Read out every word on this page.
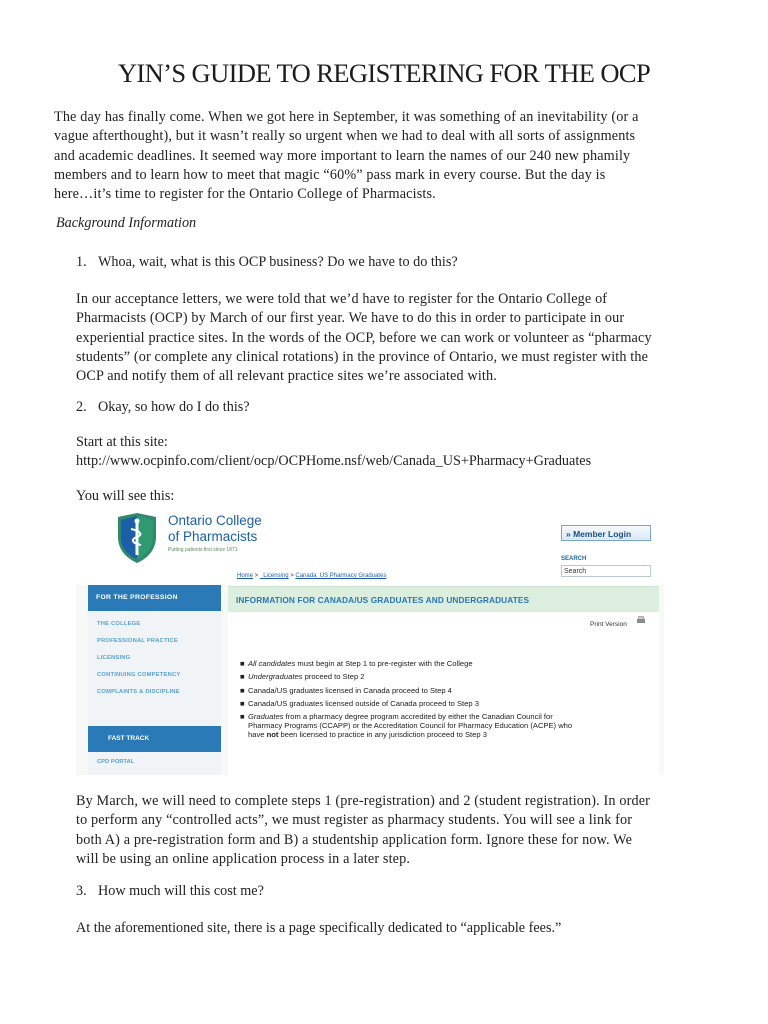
YIN’S GUIDE TO REGISTERING FOR THE OCP
The day has finally come. When we got here in September, it was something of an inevitability (or a
vague afterthought), but it wasn’t really so urgent when we had to deal with all sorts of assignments
and academic deadlines. It seemed way more important to learn the names of our 240 new phamily
members and to learn how to meet that magic “60%” pass mark in every course. But the day is
here…it’s time to register for the Ontario College of Pharmacists.

Background Information

1. Whoa, wait, what is this OCP business? Do we have to do this?

In our acceptance letters, we were told that we’d have to register for the Ontario College of
Pharmacists (OCP) by March of our first year. We have to do this in order to participate in our
experiential practice sites. In the words of the OCP, before we can work or volunteer as “pharmacy
students” (or complete any clinical rotations) in the province of Ontario, we must register with the
OCP and notify them of all relevant practice sites we’re associated with.

2. Okay, so how do I do this?

Start at this site:

http://www.ocpinfo.com/client/ocp/OCPHome.nsf/web/Canada_US+Pharmacy+Graduates

You will see this:

Ontario College

of Pharmacists

Putting patients first since 1871

» Member Login

SEARCH

Search

Home > _Licensing > Canada_US Pharmacy Graduates

FOR THE PROFESSION

THE COLLEGE

PROFESSIONAL PRACTICE

LICENSING

CONTINUING COMPETENCY

COMPLAINTS & DISCIPLINE

FAST TRACK

CPD PORTAL

INFORMATION FOR CANADA/US GRADUATES AND UNDERGRADUATES

Print Version

■ All candidates must begin at Step 1 to pre-register with the College

■ Undergraduates proceed to Step 2

■ Canada/US graduates licensed in Canada proceed to Step 4

■ Canada/US graduates licensed outside of Canada proceed to Step 3

■ Graduates from a pharmacy degree program accredited by either the Canadian Council for Pharmacy Programs (CCAPP) or the Accreditation Council for Pharmacy Education (ACPE) who have not been licensed to practice in any jurisdiction proceed to Step 3

By March, we will need to complete steps 1 (pre-registration) and 2 (student registration). In order
to perform any “controlled acts”, we must register as pharmacy students. You will see a link for
both A) a pre-registration form and B) a studentship application form. Ignore these for now. We
will be using an online application process in a later step.

3. How much will this cost me?

At the aforementioned site, there is a page specifically dedicated to “applicable fees.”
